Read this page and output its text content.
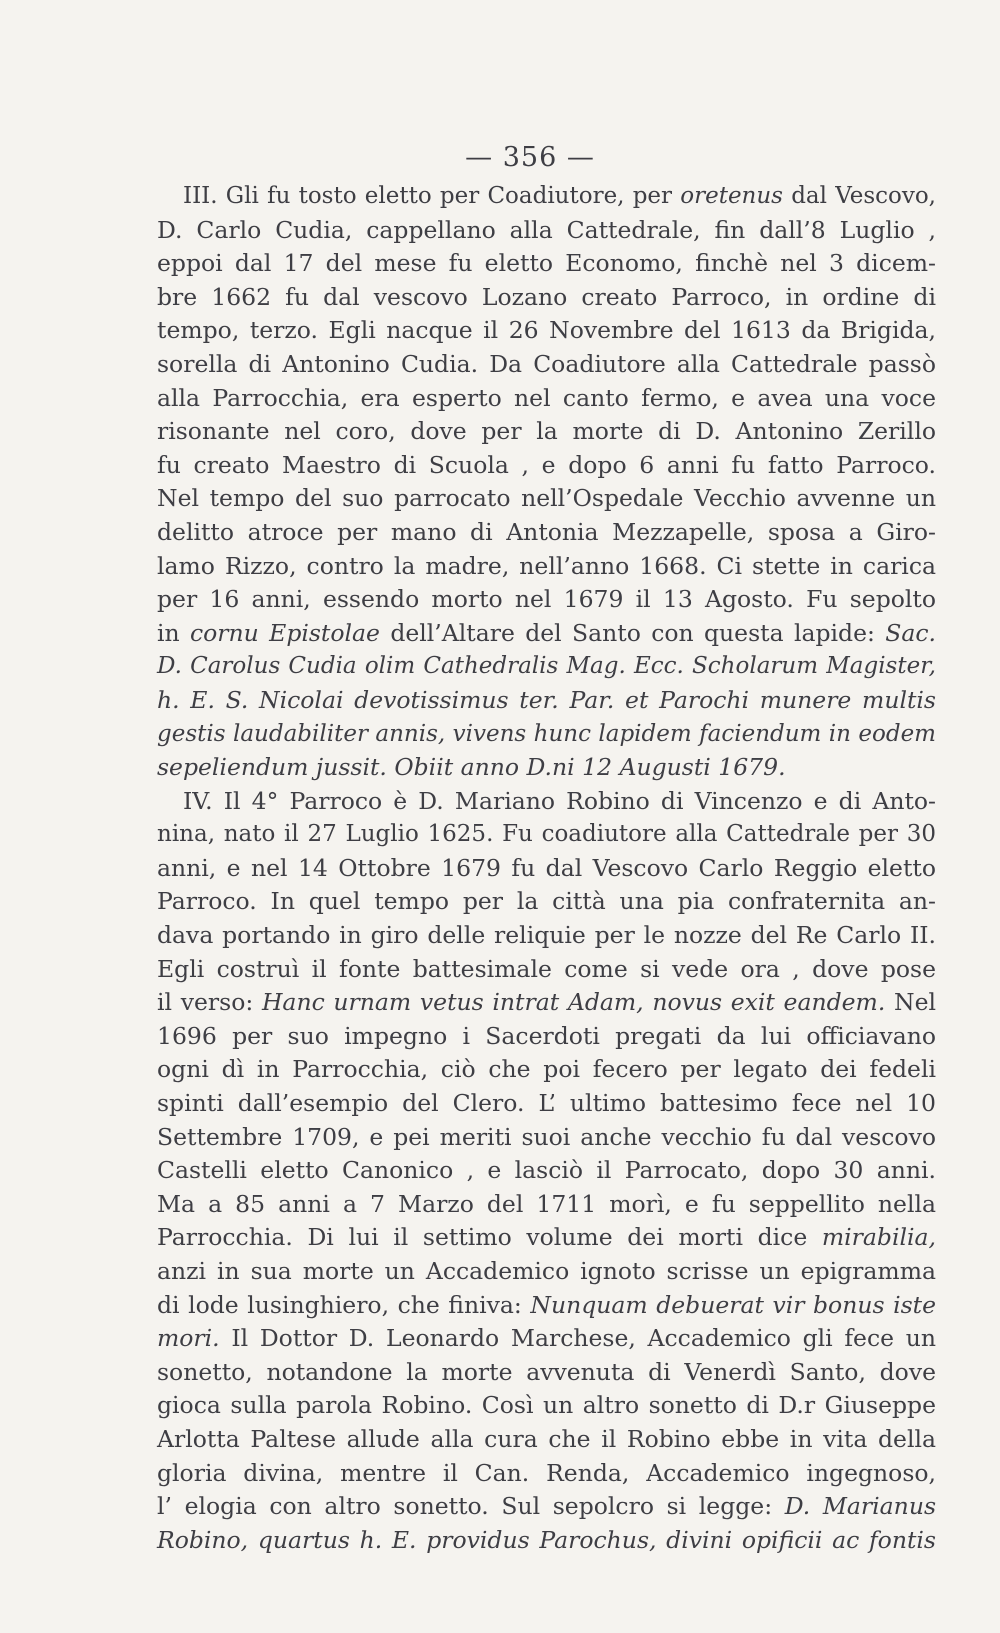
— 356 —
III. Gli fu tosto eletto per Coadiutore, per oretenus dal Vescovo,
D. Carlo Cudia, cappellano alla Cattedrale, fin dall’8 Luglio ,
eppoi dal 17 del mese fu eletto Economo, finchè nel 3 dicem-
bre 1662 fu dal vescovo Lozano creato Parroco, in ordine di
tempo, terzo. Egli nacque il 26 Novembre del 1613 da Brigida,
sorella di Antonino Cudia. Da Coadiutore alla Cattedrale passò
alla Parrocchia, era esperto nel canto fermo, e avea una voce
risonante nel coro, dove per la morte di D. Antonino Zerillo
fu creato Maestro di Scuola , e dopo 6 anni fu fatto Parroco.
Nel tempo del suo parrocato nell’Ospedale Vecchio avvenne un
delitto atroce per mano di Antonia Mezzapelle, sposa a Giro-
lamo Rizzo, contro la madre, nell’anno 1668. Ci stette in carica
per 16 anni, essendo morto nel 1679 il 13 Agosto. Fu sepolto
in cornu Epistolae dell’Altare del Santo con questa lapide: Sac.
D. Carolus Cudia olim Cathedralis Mag. Ecc. Scholarum Magister,
h. E. S. Nicolai devotissimus ter. Par. et Parochi munere multis
gestis laudabiliter annis, vivens hunc lapidem faciendum in eodem
sepeliendum jussit. Obiit anno D.ni 12 Augusti 1679.
IV. Il 4° Parroco è D. Mariano Robino di Vincenzo e di Anto-
nina, nato il 27 Luglio 1625. Fu coadiutore alla Cattedrale per 30
anni, e nel 14 Ottobre 1679 fu dal Vescovo Carlo Reggio eletto
Parroco. In quel tempo per la città una pia confraternita an-
dava portando in giro delle reliquie per le nozze del Re Carlo II.
Egli costruì il fonte battesimale come si vede ora , dove pose
il verso: Hanc urnam vetus intrat Adam, novus exit eandem. Nel
1696 per suo impegno i Sacerdoti pregati da lui officiavano
ogni dì in Parrocchia, ciò che poi fecero per legato dei fedeli
spinti dall’esempio del Clero. L’ ultimo battesimo fece nel 10
Settembre 1709, e pei meriti suoi anche vecchio fu dal vescovo
Castelli eletto Canonico , e lasciò il Parrocato, dopo 30 anni.
Ma a 85 anni a 7 Marzo del 1711 morì, e fu seppellito nella
Parrocchia. Di lui il settimo volume dei morti dice mirabilia,
anzi in sua morte un Accademico ignoto scrisse un epigramma
di lode lusinghiero, che finiva: Nunquam debuerat vir bonus iste
mori. Il Dottor D. Leonardo Marchese, Accademico gli fece un
sonetto, notandone la morte avvenuta di Venerdì Santo, dove
gioca sulla parola Robino. Così un altro sonetto di D.r Giuseppe
Arlotta Paltese allude alla cura che il Robino ebbe in vita della
gloria divina, mentre il Can. Renda, Accademico ingegnoso,
l’ elogia con altro sonetto. Sul sepolcro si legge: D. Marianus
Robino, quartus h. E. providus Parochus, divini opificii ac fontis
